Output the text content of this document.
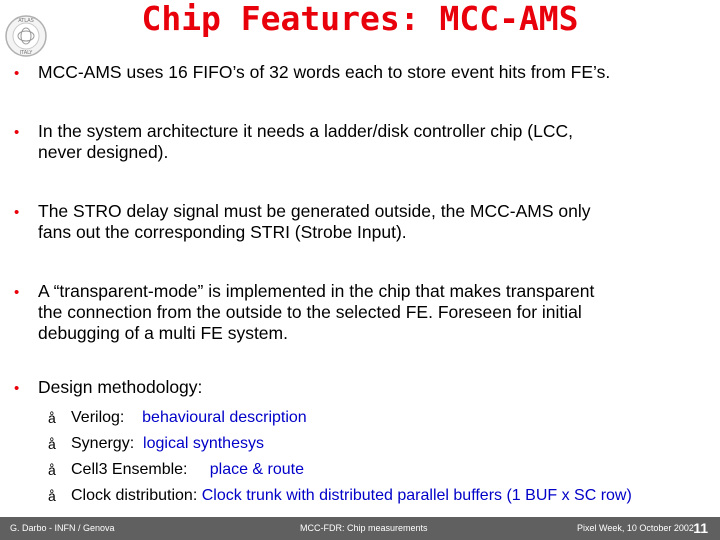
ATLAS
ITALY
Chip Features: MCC-AMS
• MCC-AMS uses 16 FIFO’s of 32 words each to store event hits from FE’s.
• In the system architecture it needs a ladder/disk controller chip (LCC,
never designed).
• The STRO delay signal must be generated outside, the MCC-AMS only
fans out the corresponding STRI (Strobe Input).
• A “transparent-mode” is implemented in the chip that makes transparent
the connection from the outside to the selected FE. Foreseen for initial
debugging of a multi FE system.
• Design methodology:
å Verilog: behavioural description
å Synergy: logical synthesys
å Cell3 Ensemble: place & route
å Clock distribution: Clock trunk with distributed parallel buffers (1 BUF x SC row)
G. Darbo - INFN / Genova	MCC-FDR: Chip measurements	Pixel Week, 10 October 2002 11
